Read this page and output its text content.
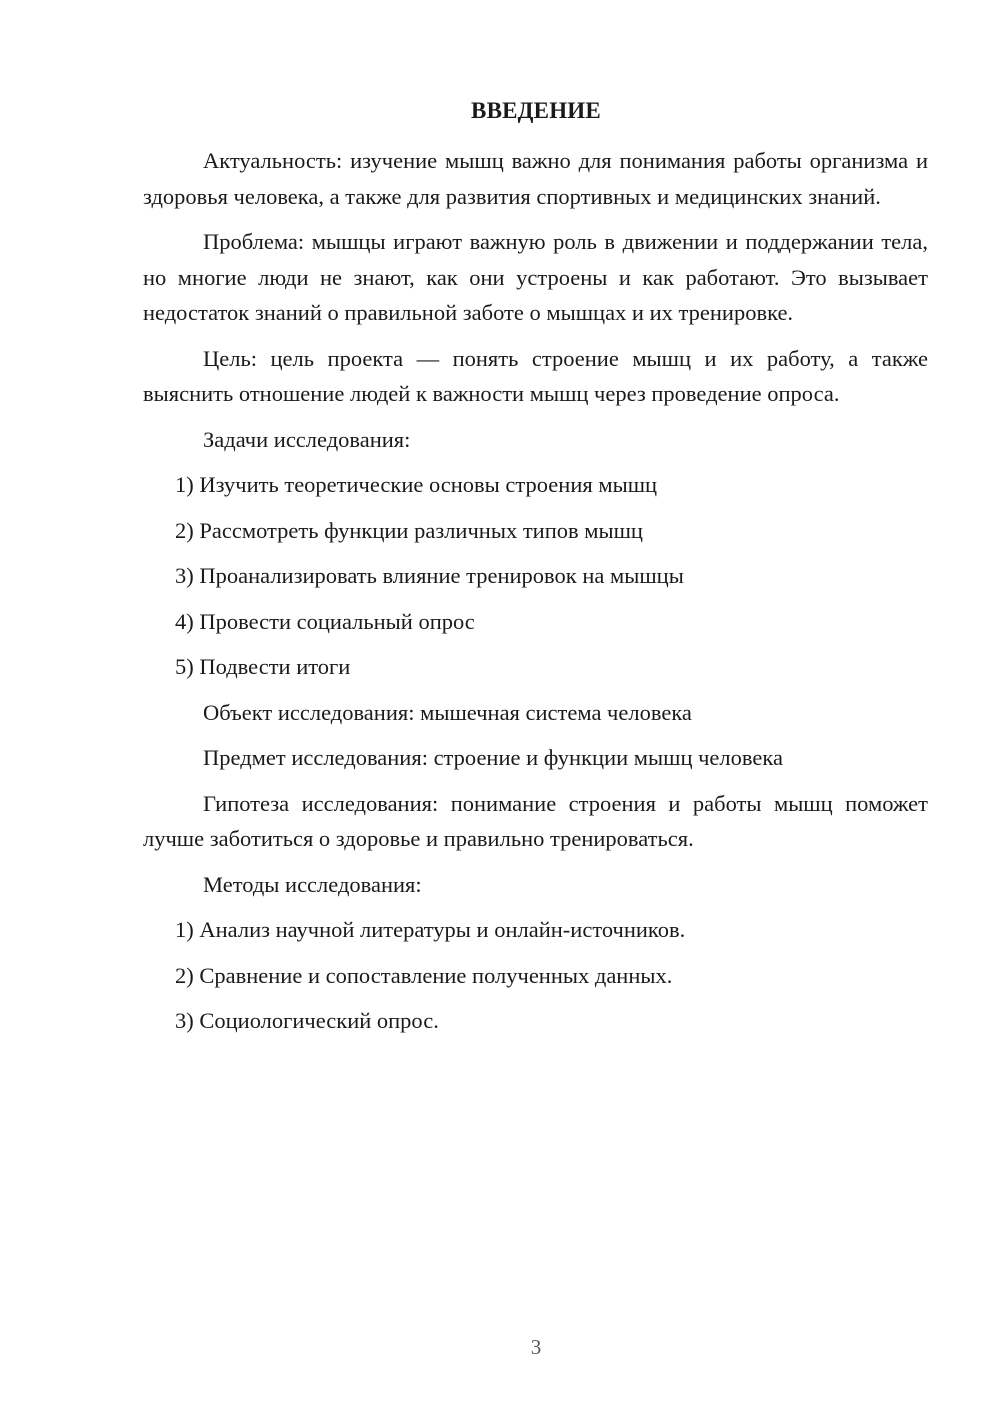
ВВЕДЕНИЕ

Актуальность: изучение мышц важно для понимания работы организма и здоровья человека, а также для развития спортивных и медицинских знаний.

Проблема: мышцы играют важную роль в движении и поддержании тела, но многие люди не знают, как они устроены и как работают. Это вызывает недостаток знаний о правильной заботе о мышцах и их тренировке.

Цель: цель проекта — понять строение мышц и их работу, а также выяснить отношение людей к важности мышц через проведение опроса.

Задачи исследования:
1) Изучить теоретические основы строения мышц
2) Рассмотреть функции различных типов мышц
3) Проанализировать влияние тренировок на мышцы
4) Провести социальный опрос
5) Подвести итоги
Объект исследования: мышечная система человека
Предмет исследования: строение и функции мышц человека

Гипотеза исследования: понимание строения и работы мышц поможет лучше заботиться о здоровье и правильно тренироваться.

Методы исследования:
1) Анализ научной литературы и онлайн-источников.
2) Сравнение и сопоставление полученных данных.
3) Социологический опрос.
3
